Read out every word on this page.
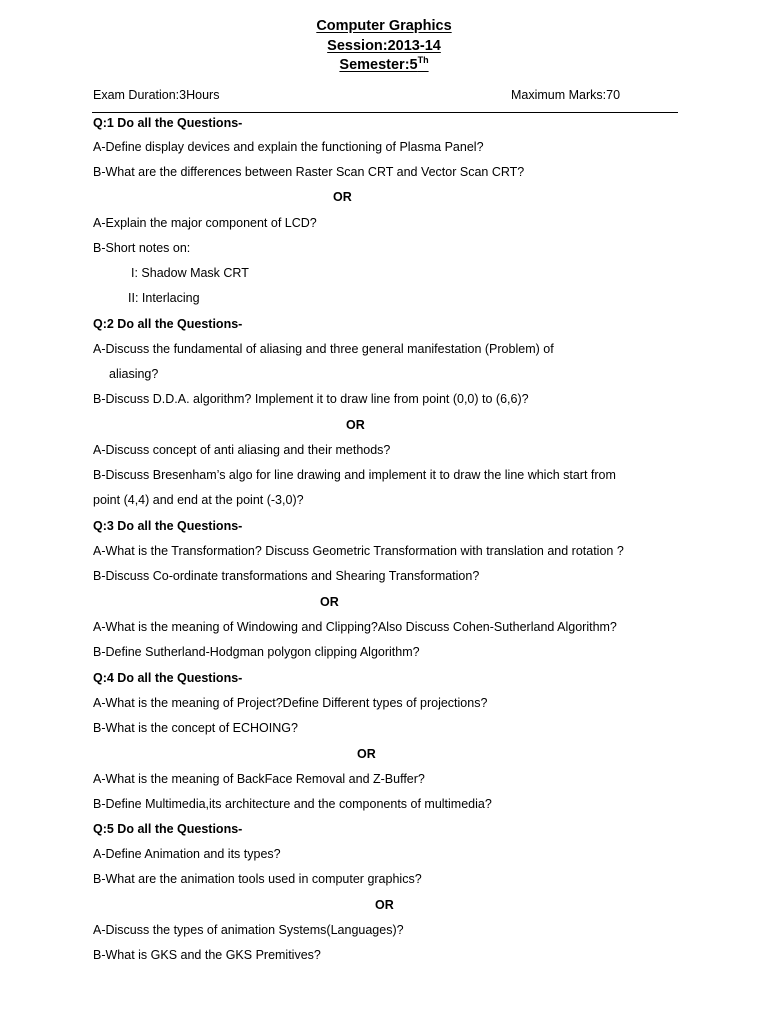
Computer Graphics
Session:2013-14
Semester:5Th
Exam Duration:3Hours	Maximum Marks:70
Q:1 Do all the Questions-
A-Define display devices and explain the functioning of Plasma Panel?
B-What are the differences between Raster Scan CRT and Vector Scan CRT?
OR
A-Explain the major component of LCD?
B-Short notes on:
I: Shadow Mask CRT
II: Interlacing
Q:2 Do all the Questions-
A-Discuss the fundamental of aliasing and three general manifestation (Problem) of
aliasing?
B-Discuss D.D.A. algorithm? Implement it to draw line from point (0,0) to (6,6)?
OR
A-Discuss concept of anti aliasing and their methods?
B-Discuss Bresenham’s algo for line drawing and implement it to draw the line which start from
point (4,4) and end at the point (-3,0)?
Q:3 Do all the Questions-
A-What is the Transformation? Discuss Geometric Transformation with translation and rotation ?
B-Discuss Co-ordinate transformations and Shearing Transformation?
OR
A-What is the meaning of Windowing and Clipping?Also Discuss Cohen-Sutherland Algorithm?
B-Define Sutherland-Hodgman polygon clipping Algorithm?
Q:4 Do all the Questions-
A-What is the meaning of Project?Define Different types of projections?
B-What is the concept of ECHOING?
OR
A-What is the meaning of BackFace Removal and Z-Buffer?
B-Define Multimedia,its architecture and the components of multimedia?
Q:5 Do all the Questions-
A-Define Animation and its types?
B-What are the animation tools used in computer graphics?
OR
A-Discuss the types of animation Systems(Languages)?
B-What is GKS and the GKS Premitives?
